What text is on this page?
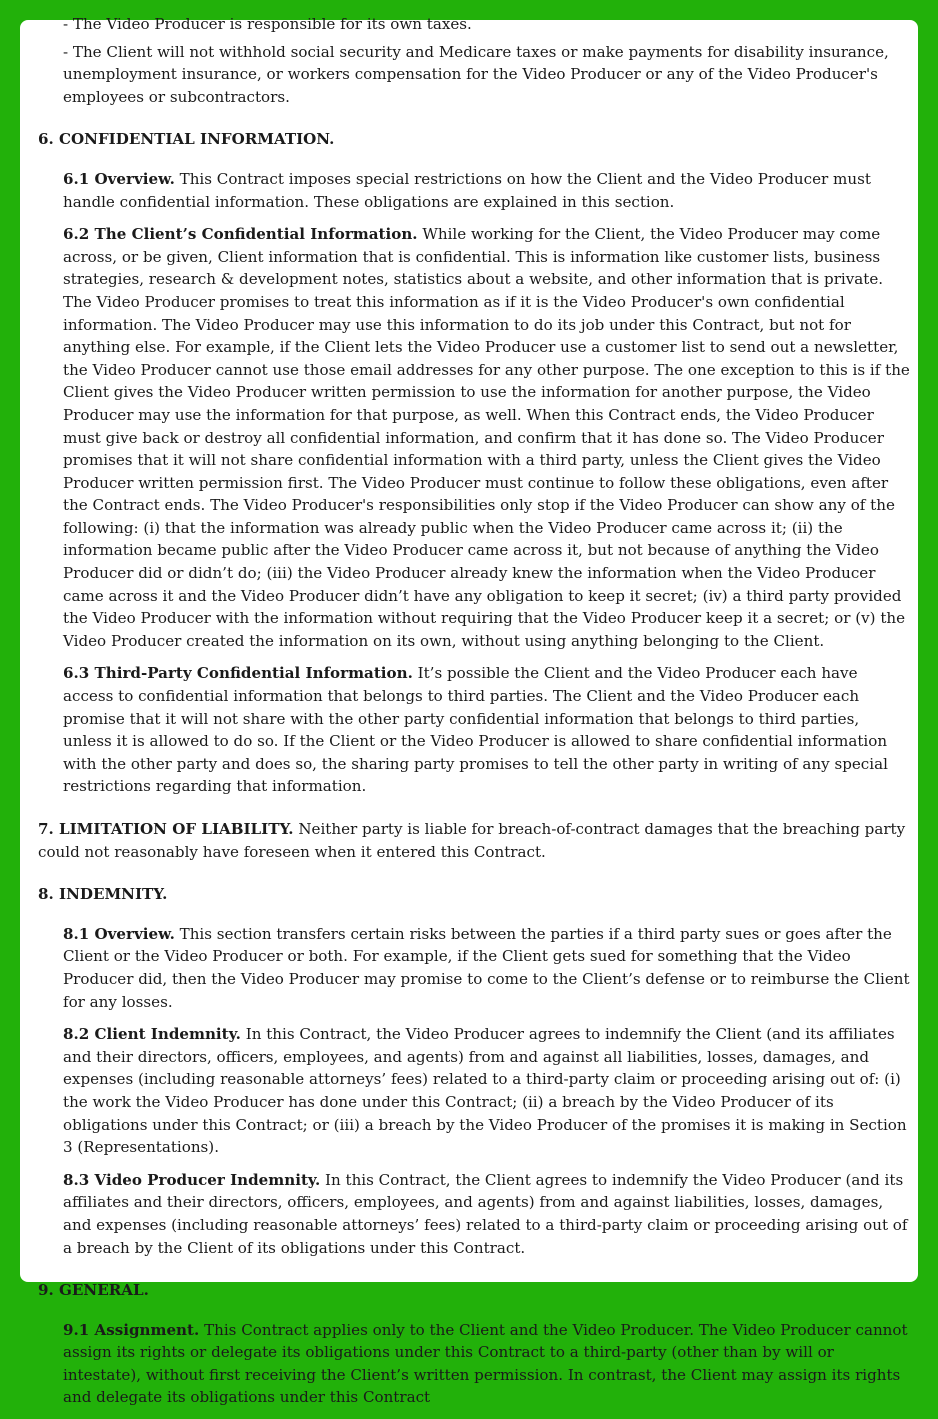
- The Video Producer is responsible for its own taxes.

- The Client will not withhold social security and Medicare taxes or make payments for disability insurance, unemployment insurance, or workers compensation for the Video Producer or any of the Video Producer's employees or subcontractors.

6. CONFIDENTIAL INFORMATION.

6.1 Overview. This Contract imposes special restrictions on how the Client and the Video Producer must handle confidential information. These obligations are explained in this section.

6.2 The Client’s Confidential Information. While working for the Client, the Video Producer may come across, or be given, Client information that is confidential. This is information like customer lists, business strategies, research & development notes, statistics about a website, and other information that is private. The Video Producer promises to treat this information as if it is the Video Producer's own confidential information. The Video Producer may use this information to do its job under this Contract, but not for anything else. For example, if the Client lets the Video Producer use a customer list to send out a newsletter, the Video Producer cannot use those email addresses for any other purpose. The one exception to this is if the Client gives the Video Producer written permission to use the information for another purpose, the Video Producer may use the information for that purpose, as well. When this Contract ends, the Video Producer must give back or destroy all confidential information, and confirm that it has done so. The Video Producer promises that it will not share confidential information with a third party, unless the Client gives the Video Producer written permission first. The Video Producer must continue to follow these obligations, even after the Contract ends. The Video Producer's responsibilities only stop if the Video Producer can show any of the following: (i) that the information was already public when the Video Producer came across it; (ii) the information became public after the Video Producer came across it, but not because of anything the Video Producer did or didn’t do; (iii) the Video Producer already knew the information when the Video Producer came across it and the Video Producer didn’t have any obligation to keep it secret; (iv) a third party provided the Video Producer with the information without requiring that the Video Producer keep it a secret; or (v) the Video Producer created the information on its own, without using anything belonging to the Client.

6.3 Third-Party Confidential Information. It’s possible the Client and the Video Producer each have access to confidential information that belongs to third parties. The Client and the Video Producer each promise that it will not share with the other party confidential information that belongs to third parties, unless it is allowed to do so. If the Client or the Video Producer is allowed to share confidential information with the other party and does so, the sharing party promises to tell the other party in writing of any special restrictions regarding that information.

7. LIMITATION OF LIABILITY. Neither party is liable for breach-of-contract damages that the breaching party could not reasonably have foreseen when it entered this Contract.

8. INDEMNITY.

8.1 Overview. This section transfers certain risks between the parties if a third party sues or goes after the Client or the Video Producer or both. For example, if the Client gets sued for something that the Video Producer did, then the Video Producer may promise to come to the Client’s defense or to reimburse the Client for any losses.

8.2 Client Indemnity. In this Contract, the Video Producer agrees to indemnify the Client (and its affiliates and their directors, officers, employees, and agents) from and against all liabilities, losses, damages, and expenses (including reasonable attorneys’ fees) related to a third-party claim or proceeding arising out of: (i) the work the Video Producer has done under this Contract; (ii) a breach by the Video Producer of its obligations under this Contract; or (iii) a breach by the Video Producer of the promises it is making in Section 3 (Representations).

8.3 Video Producer Indemnity. In this Contract, the Client agrees to indemnify the Video Producer (and its affiliates and their directors, officers, employees, and agents) from and against liabilities, losses, damages, and expenses (including reasonable attorneys’ fees) related to a third-party claim or proceeding arising out of a breach by the Client of its obligations under this Contract.

9. GENERAL.

9.1 Assignment. This Contract applies only to the Client and the Video Producer. The Video Producer cannot assign its rights or delegate its obligations under this Contract to a third-party (other than by will or intestate), without first receiving the Client’s written permission. In contrast, the Client may assign its rights and delegate its obligations under this Contract
